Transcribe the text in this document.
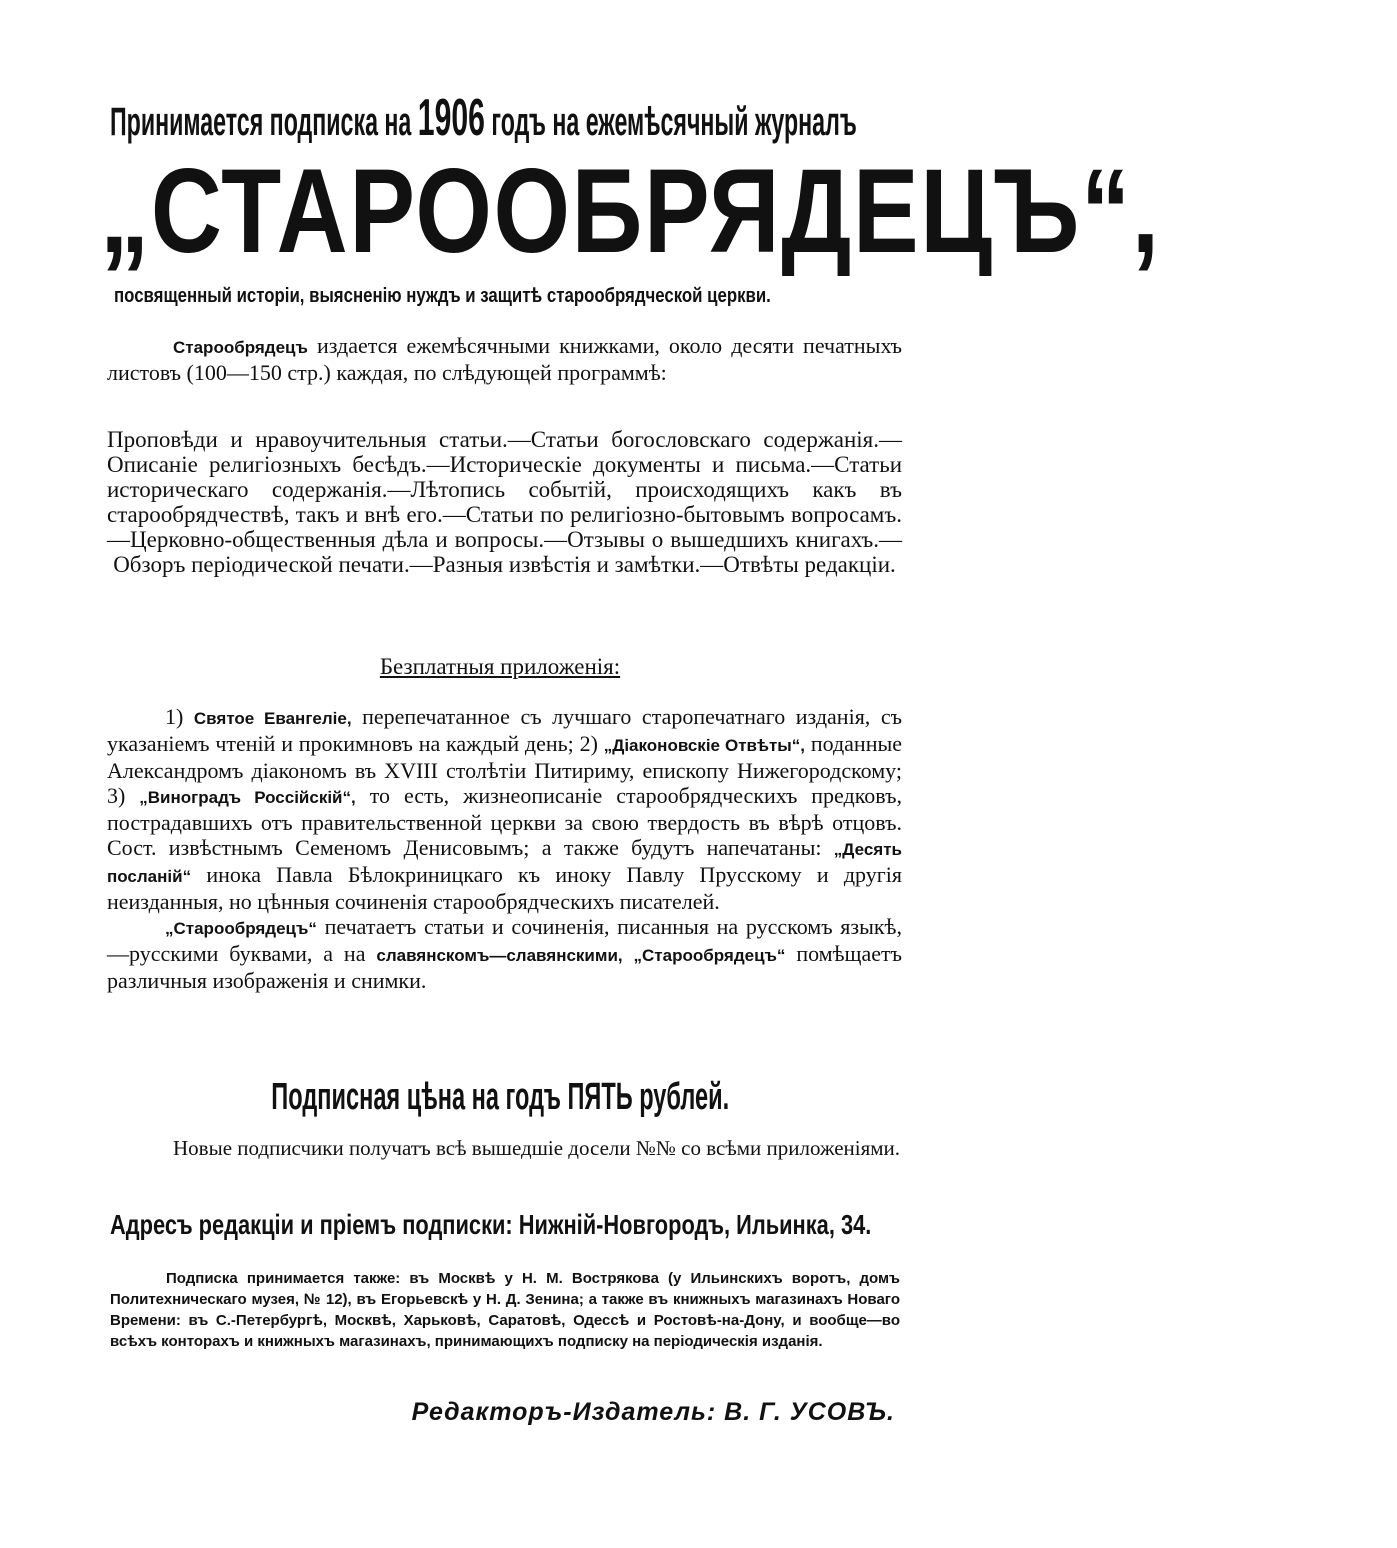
Принимается подписка на 1906 годъ на ежемѣсячный журналъ
„СТАРООБРЯДЕЦЪ“,
посвященный исторіи, выясненію нуждъ и защитѣ старообрядческой церкви.

Старообрядецъ издается ежемѣсячными книжками, около десяти печатныхъ листовъ (100—150 стр.) каждая, по слѣдующей программѣ:

Проповѣди и нравоучительныя статьи.—Статьи богословскаго содержанія.—Описаніе религіозныхъ бесѣдъ.—Историческіе документы и письма.—Статьи историческаго содержанія.—Лѣтопись событій, происходящихъ какъ въ старообрядчествѣ, такъ и внѣ его.—Статьи по религіозно-бытовымъ вопросамъ.—Церковно-общественныя дѣла и вопросы.—Отзывы о вышедшихъ книгахъ.—Обзоръ періодической печати.—Разныя извѣстія и замѣтки.—Отвѣты редакціи.

Безплатныя приложенія:

1) Святое Евангеліе, перепечатанное съ лучшаго старопечатнаго изданія, съ указаніемъ чтеній и прокимновъ на каждый день; 2) „Діаконовскіе Отвѣты“, поданные Александромъ діакономъ въ XVIII столѣтіи Питириму, епископу Нижегородскому; 3) „Виноградъ Россійскій“, то есть, жизнеописаніе старообрядческихъ предковъ, пострадавшихъ отъ правительственной церкви за свою твердость въ вѣрѣ отцовъ. Сост. извѣстнымъ Семеномъ Денисовымъ; а также будутъ напечатаны: „Десять посланій“ инока Павла Бѣлокриницкаго къ иноку Павлу Прусскому и другія неизданныя, но цѣнныя сочиненія старообрядческихъ писателей.

„Старообрядецъ“ печатаетъ статьи и сочиненія, писанныя на русскомъ языкѣ,—русскими буквами, а на славянскомъ—славянскими, „Старообрядецъ“ помѣщаетъ различныя изображенія и снимки.

Подписная цѣна на годъ ПЯТЬ рублей.

Новые подписчики получатъ всѣ вышедшіе досели №№ со всѣми приложеніями.

Адресъ редакціи и пріемъ подписки: Нижній-Новгородъ, Ильинка, 34.

Подписка принимается также: въ Москвѣ у Н. М. Вострякова (у Ильинскихъ воротъ, домъ Политехническаго музея, № 12), въ Егорьевскѣ у Н. Д. Зенина; а также въ книжныхъ магазинахъ Новаго Времени: въ С.-Петербургѣ, Москвѣ, Харьковѣ, Саратовѣ, Одессѣ и Ростовѣ-на-Дону, и вообще—во всѣхъ конторахъ и книжныхъ магазинахъ, принимающихъ подписку на періодическія изданія.

Редакторъ-Издатель: В. Г. УСОВЪ.
